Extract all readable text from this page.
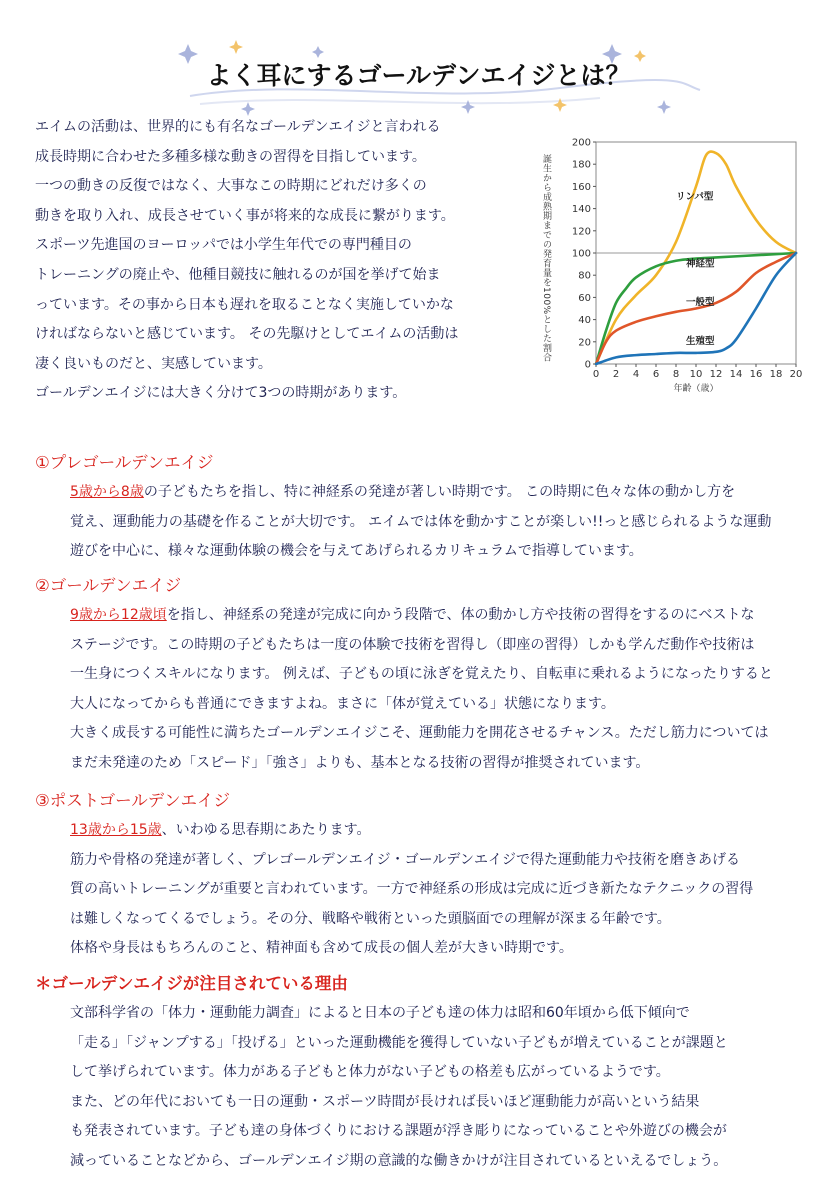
よく耳にするゴールデンエイジとは？

エイムの活動は、世界的にも有名なゴールデンエイジと言われる

成長時期に合わせた多種多様な動きの習得を目指しています。

一つの動きの反復ではなく、大事なこの時期にどれだけ多くの

動きを取り入れ、成長させていく事が将来的な成長に繋がります。

スポーツ先進国のヨーロッパでは小学生年代での専門種目の

トレーニングの廃止や、他種目競技に触れるのが国を挙げて始ま

っています。その事から日本も遅れを取ることなく実施していかな

ければならないと感じています。 その先駆けとしてエイムの活動は

凄く良いものだと、実感しています。

ゴールデンエイジには大きく分けて3つの時期があります。

0
20
40
60
80
100
120
140
160
180
200
0 2 4 6 8 10 12 14 16 18 20
年齢（歳）
誕生から成熟期までの発育量を100%とした割合	リンパ型
神経型
一般型
生殖型
①プレゴールデンエイジ

5歳から8歳の子どもたちを指し、特に神経系の発達が著しい時期です。 この時期に色々な体の動かし方を

覚え、運動能力の基礎を作ることが大切です。 エイムでは体を動かすことが楽しい!!っと感じられるような運動

遊びを中心に、様々な運動体験の機会を与えてあげられるカリキュラムで指導しています。

②ゴールデンエイジ

9歳から12歳頃を指し、神経系の発達が完成に向かう段階で、体の動かし方や技術の習得をするのにベストな

ステージです。この時期の子どもたちは一度の体験で技術を習得し（即座の習得）しかも学んだ動作や技術は

一生身につくスキルになります。 例えば、子どもの頃に泳ぎを覚えたり、自転車に乗れるようになったりすると

大人になってからも普通にできますよね。まさに「体が覚えている」状態になります。

大きく成長する可能性に満ちたゴールデンエイジこそ、運動能力を開花させるチャンス。ただし筋力については

まだ未発達のため「スピード」「強さ」よりも、基本となる技術の習得が推奨されています。

③ポストゴールデンエイジ

13歳から15歳、いわゆる思春期にあたります。

筋力や骨格の発達が著しく、プレゴールデンエイジ・ゴールデンエイジで得た運動能力や技術を磨きあげる

質の高いトレーニングが重要と言われています。一方で神経系の形成は完成に近づき新たなテクニックの習得

は難しくなってくるでしょう。その分、戦略や戦術といった頭脳面での理解が深まる年齢です。

体格や身長はもちろんのこと、精神面も含めて成長の個人差が大きい時期です。

＊ゴールデンエイジが注目されている理由

文部科学省の「体力・運動能力調査」によると日本の子ども達の体力は昭和60年頃から低下傾向で

「走る」「ジャンプする」「投げる」といった運動機能を獲得していない子どもが増えていることが課題と

して挙げられています。体力がある子どもと体力がない子どもの格差も広がっているようです。

また、どの年代においても一日の運動・スポーツ時間が長ければ長いほど運動能力が高いという結果

も発表されています。子ども達の身体づくりにおける課題が浮き彫りになっていることや外遊びの機会が

減っていることなどから、ゴールデンエイジ期の意識的な働きかけが注目されているといえるでしょう。
